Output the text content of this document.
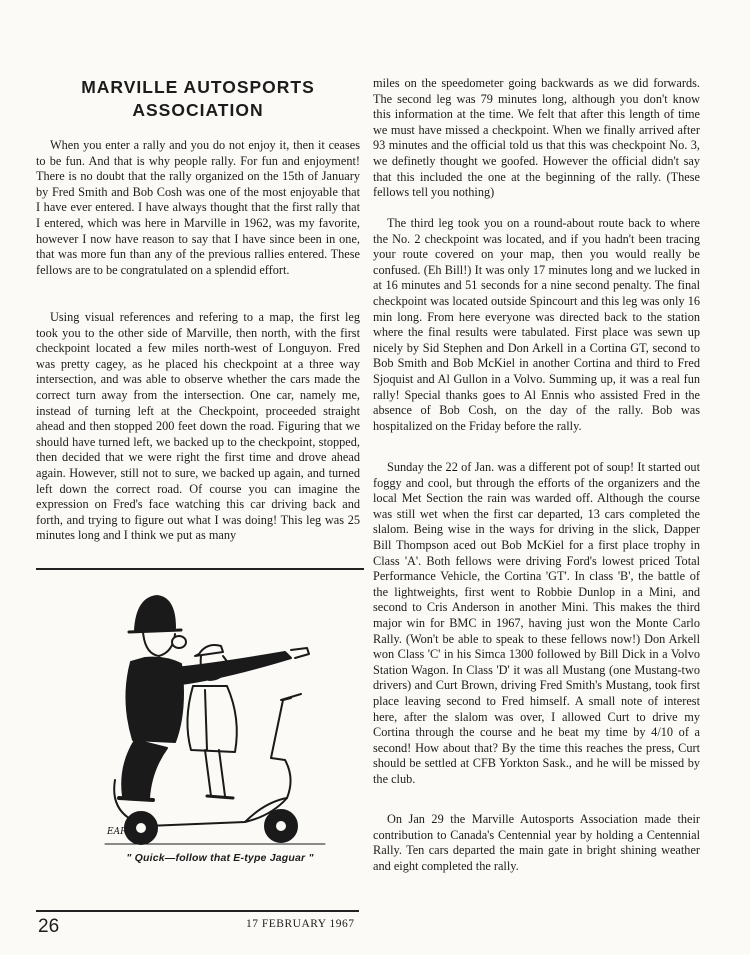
MARVILLE AUTOSPORTS
ASSOCIATION

When you enter a rally and you do not enjoy it, then it ceases to be fun. And that is why people rally. For fun and enjoyment! There is no doubt that the rally organized on the 15th of January by Fred Smith and Bob Cosh was one of the most enjoyable that I have ever entered. I have always thought that the first rally that I entered, which was here in Marville in 1962, was my favorite, however I now have reason to say that I have since been in one, that was more fun than any of the previous rallies entered. These fellows are to be congratulated on a splendid effort.

Using visual references and refering to a map, the first leg took you to the other side of Marville, then north, with the first checkpoint located a few miles north-west of Longuyon. Fred was pretty cagey, as he placed his checkpoint at a three way intersection, and was able to observe whether the cars made the correct turn away from the intersection. One car, namely me, instead of turning left at the Checkpoint, proceeded straight ahead and then stopped 200 feet down the road. Figuring that we should have turned left, we backed up to the checkpoint, stopped, then decided that we were right the first time and drove ahead again. However, still not to sure, we backed up again, and turned left down the correct road. Of course you can imagine the expression on Fred's face watching this car driving back and forth, and trying to figure out what I was doing! This leg was 25 minutes long and I think we put as many

miles on the speedometer going backwards as we did forwards. The second leg was 79 minutes long, although you don't know this information at the time. We felt that after this length of time we must have missed a checkpoint. When we finally arrived after 93 minutes and the official told us that this was checkpoint No. 3, we definetly thought we goofed. However the official didn't say that this included the one at the beginning of the rally. (These fellows tell you nothing)

The third leg took you on a round-about route back to where the No. 2 checkpoint was located, and if you hadn't been tracing your route covered on your map, then you would really be confused. (Eh Bill!) It was only 17 minutes long and we lucked in at 16 minutes and 51 seconds for a nine second penalty. The final checkpoint was located outside Spincourt and this leg was only 16 min long. From here everyone was directed back to the station where the final results were tabulated. First place was sewn up nicely by Sid Stephen and Don Arkell in a Cortina GT, second to Bob Smith and Bob McKiel in another Cortina and third to Fred Sjoquist and Al Gullon in a Volvo. Summing up, it was a real fun rally! Special thanks goes to Al Ennis who assisted Fred in the absence of Bob Cosh, on the day of the rally. Bob was hospitalized on the Friday before the rally.

Sunday the 22 of Jan. was a different pot of soup! It started out foggy and cool, but through the efforts of the organizers and the local Met Section the rain was warded off. Although the course was still wet when the first car departed, 13 cars completed the slalom. Being wise in the ways for driving in the slick, Dapper Bill Thompson aced out Bob McKiel for a first place trophy in Class 'A'. Both fellows were driving Ford's lowest priced Total Performance Vehicle, the Cortina 'GT'. In class 'B', the battle of the lightweights, first went to Robbie Dunlop in a Mini, and second to Cris Anderson in another Mini. This makes the third major win for BMC in 1967, having just won the Monte Carlo Rally. (Won't be able to speak to these fellows now!) Don Arkell won Class 'C' in his Simca 1300 followed by Bill Dick in a Volvo Station Wagon. In Class 'D' it was all Mustang (one Mustang-two drivers) and Curt Brown, driving Fred Smith's Mustang, took first place leaving second to Fred himself. A small note of interest here, after the slalom was over, I allowed Curt to drive my Cortina through the course and he beat my time by 4/10 of a second! How about that? By the time this reaches the press, Curt should be settled at CFB Yorkton Sask., and he will be missed by the club.

On Jan 29 the Marville Autosports Association made their contribution to Canada's Centennial year by holding a Centennial Rally. Ten cars departed the main gate in bright shining weather and eight completed the rally.

EARL
" Quick—follow that E-type Jaguar "
26	17 FEBRUARY 1967
